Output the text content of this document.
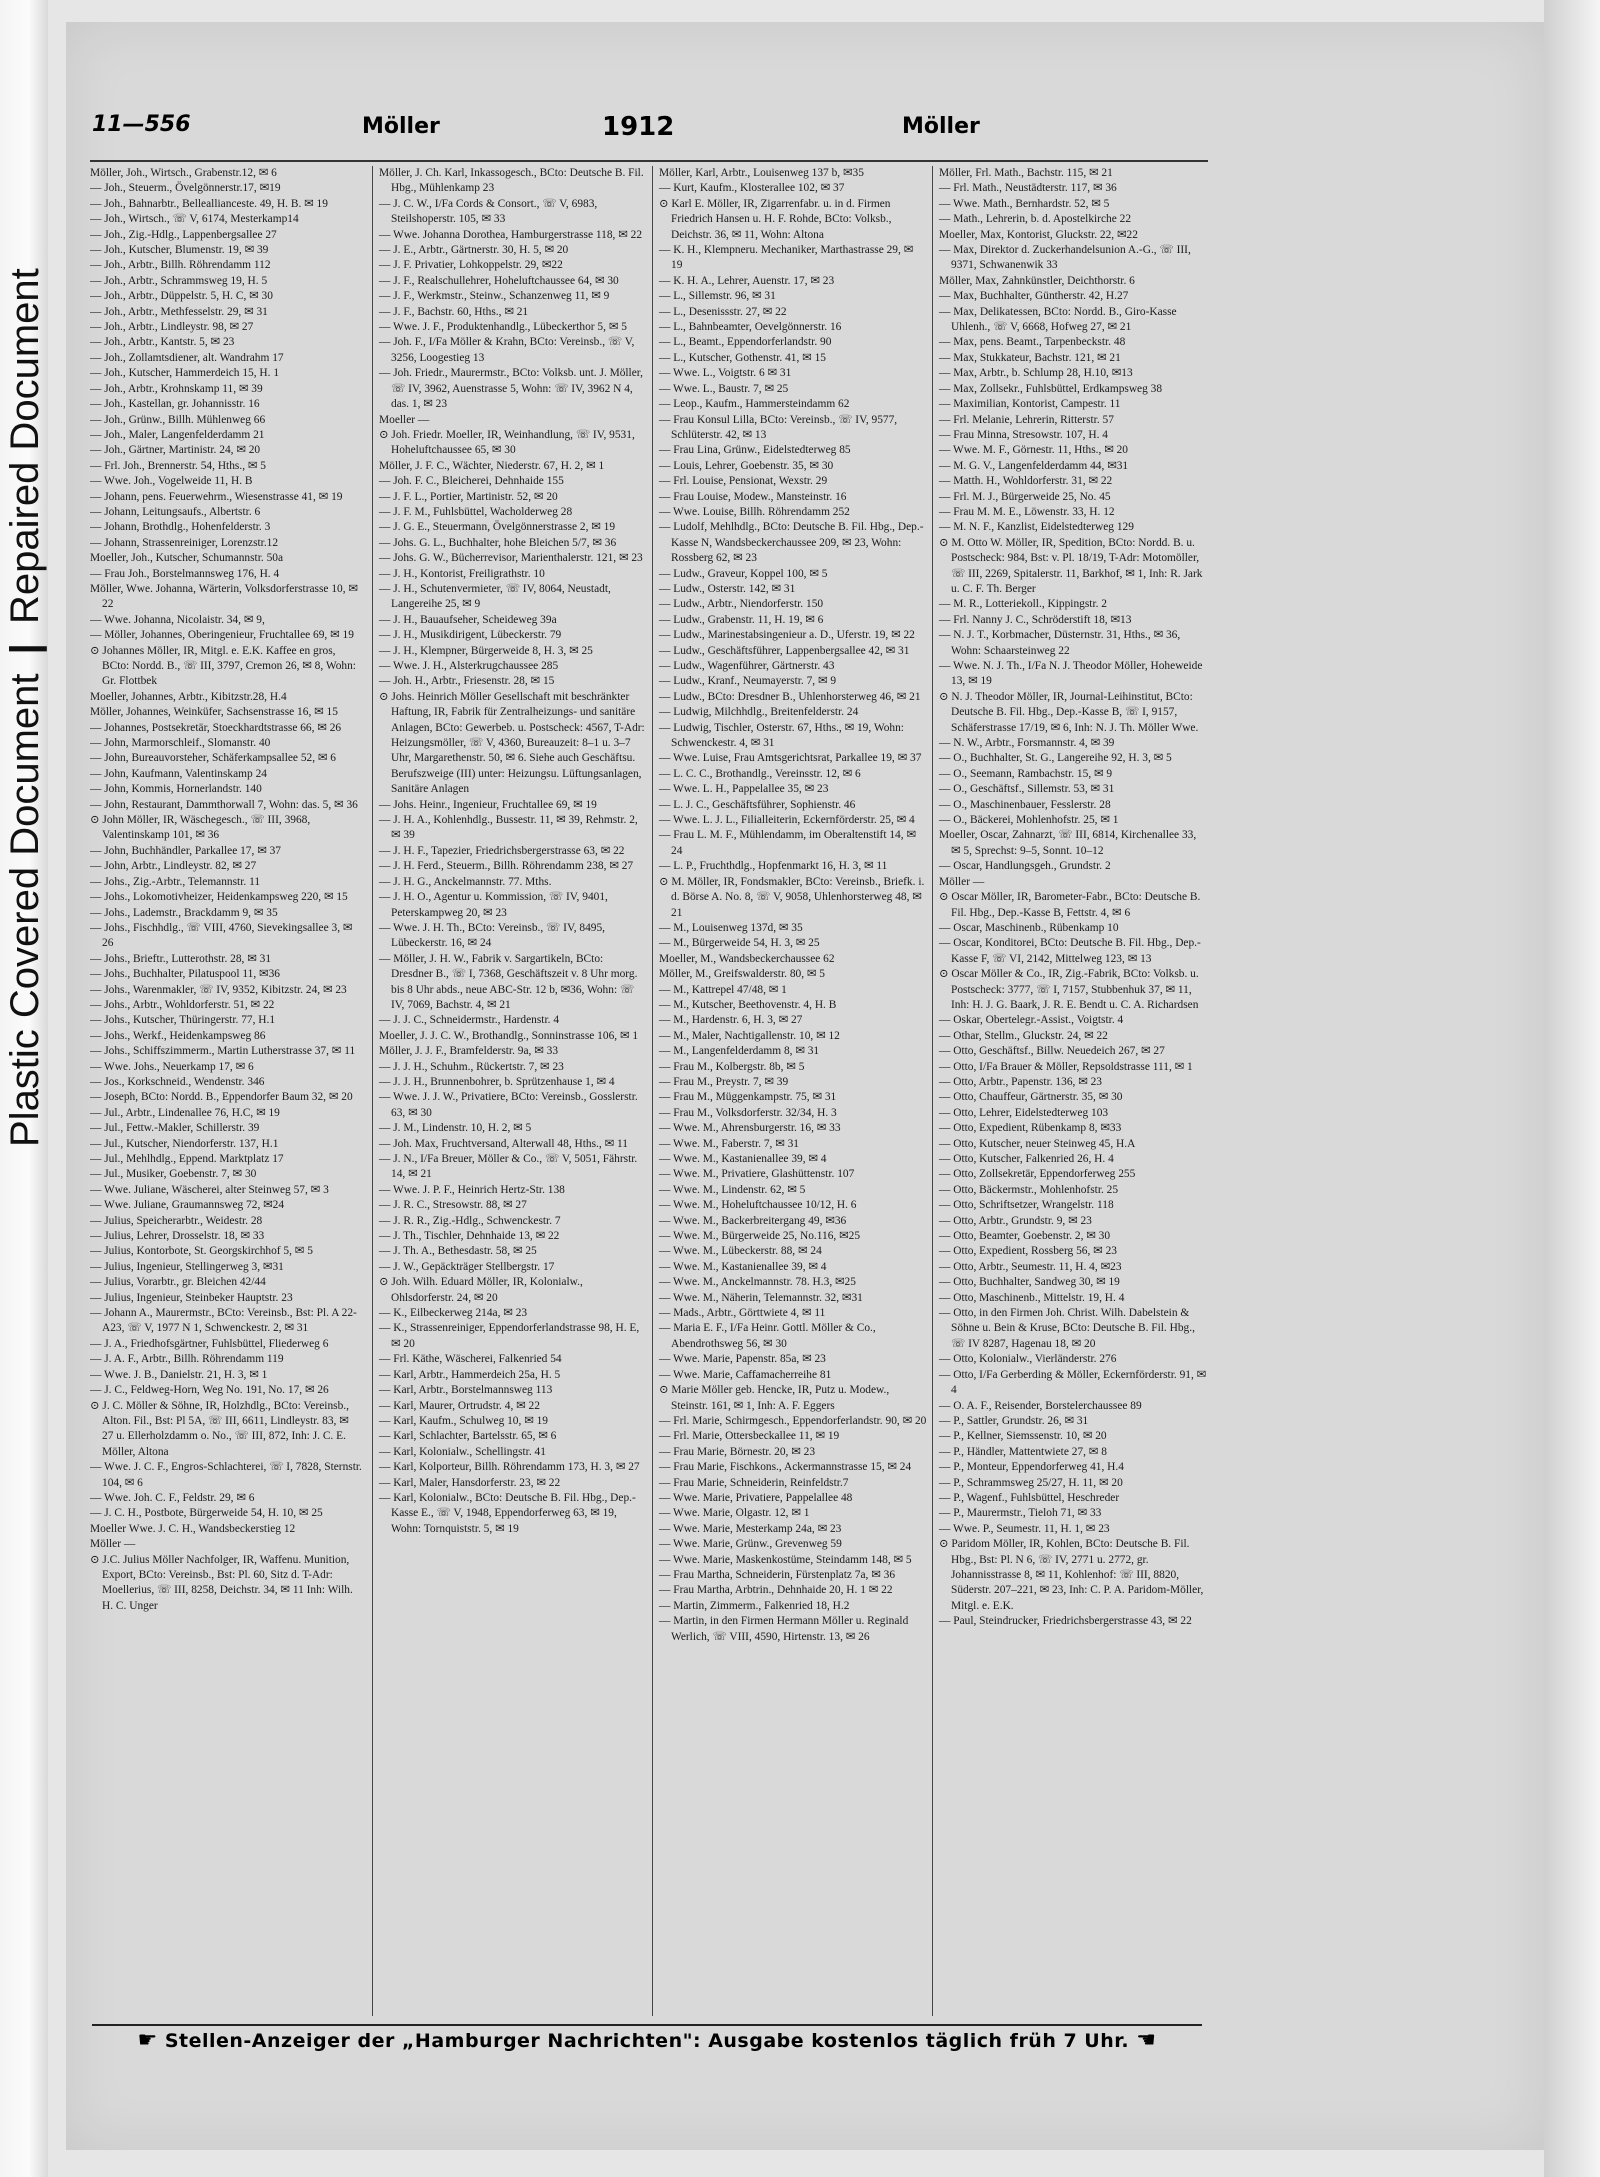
Plastic Covered Document | Repaired Document
11—556	Möller	1912	Möller
Möller, Joh., Wirtsch., Grabenstr.12, ✉ 6
— Joh., Steuerm., Övelgönnerstr.17, ✉19
— Joh., Bahnarbtr., Belleallianceste. 49, H. B. ✉ 19
— Joh., Wirtsch., ☏ V, 6174, Mesterkamp14
— Joh., Zig.-Hdlg., Lappenbergsallee 27
— Joh., Kutscher, Blumenstr. 19, ✉ 39
— Joh., Arbtr., Billh. Röhrendamm 112
— Joh., Arbtr., Schrammsweg 19, H. 5
— Joh., Arbtr., Düppelstr. 5, H. C, ✉ 30
— Joh., Arbtr., Methfesselstr. 29, ✉ 31
— Joh., Arbtr., Lindleystr. 98, ✉ 27
— Joh., Arbtr., Kantstr. 5, ✉ 23
— Joh., Zollamtsdiener, alt. Wandrahm 17
— Joh., Kutscher, Hammerdeich 15, H. 1
— Joh., Arbtr., Krohnskamp 11, ✉ 39
— Joh., Kastellan, gr. Johannisstr. 16
— Joh., Grünw., Billh. Mühlenweg 66
— Joh., Maler, Langenfelderdamm 21
— Joh., Gärtner, Martinistr. 24, ✉ 20
— Frl. Joh., Brennerstr. 54, Hths., ✉ 5
— Wwe. Joh., Vogelweide 11, H. B
— Johann, pens. Feuerwehrm., Wiesenstrasse 41, ✉ 19
— Johann, Leitungsaufs., Albertstr. 6
— Johann, Brothdlg., Hohenfelderstr. 3
— Johann, Strassenreiniger, Lorenzstr.12
Moeller, Joh., Kutscher, Schumannstr. 50a
— Frau Joh., Borstelmannsweg 176, H. 4
Möller, Wwe. Johanna, Wärterin, Volksdorferstrasse 10, ✉ 22
— Wwe. Johanna, Nicolaistr. 34, ✉ 9,
— Möller, Johannes, Oberingenieur, Fruchtallee 69, ✉ 19
⊙ Johannes Möller, IR, Mitgl. e. E.K. Kaffee en gros, BCto: Nordd. B., ☏ III, 3797, Cremon 26, ✉ 8, Wohn: Gr. Flottbek
Moeller, Johannes, Arbtr., Kibitzstr.28, H.4
Möller, Johannes, Weinküfer, Sachsenstrasse 16, ✉ 15
— Johannes, Postsekretär, Stoeckhardtstrasse 66, ✉ 26
— John, Marmorschleif., Slomanstr. 40
— John, Bureauvorsteher, Schäferkampsallee 52, ✉ 6
— John, Kaufmann, Valentinskamp 24
— John, Kommis, Hornerlandstr. 140
— John, Restaurant, Dammthorwall 7, Wohn: das. 5, ✉ 36
⊙ John Möller, IR, Wäschegesch., ☏ III, 3968, Valentinskamp 101, ✉ 36
— John, Buchhändler, Parkallee 17, ✉ 37
— John, Arbtr., Lindleystr. 82, ✉ 27
— Johs., Zig.-Arbtr., Telemannstr. 11
— Johs., Lokomotivheizer, Heidenkampsweg 220, ✉ 15
— Johs., Lademstr., Brackdamm 9, ✉ 35
— Johs., Fischhdlg., ☏ VIII, 4760, Sievekingsallee 3, ✉ 26
— Johs., Brieftr., Lutterothstr. 28, ✉ 31
— Johs., Buchhalter, Pilatuspool 11, ✉36
— Johs., Warenmakler, ☏ IV, 9352, Kibitzstr. 24, ✉ 23
— Johs., Arbtr., Wohldorferstr. 51, ✉ 22
— Johs., Kutscher, Thüringerstr. 77, H.1
— Johs., Werkf., Heidenkampsweg 86
— Johs., Schiffszimmerm., Martin Lutherstrasse 37, ✉ 11
— Wwe. Johs., Neuerkamp 17, ✉ 6
— Jos., Korkschneid., Wendenstr. 346
— Joseph, BCto: Nordd. B., Eppendorfer Baum 32, ✉ 20
— Jul., Arbtr., Lindenallee 76, H.C, ✉ 19
— Jul., Fettw.-Makler, Schillerstr. 39
— Jul., Kutscher, Niendorferstr. 137, H.1
— Jul., Mehlhdlg., Eppend. Marktplatz 17
— Jul., Musiker, Goebenstr. 7, ✉ 30
— Wwe. Juliane, Wäscherei, alter Steinweg 57, ✉ 3
— Wwe. Juliane, Graumannsweg 72, ✉24
— Julius, Speicherarbtr., Weidestr. 28
— Julius, Lehrer, Drosselstr. 18, ✉ 33
— Julius, Kontorbote, St. Georgskirchhof 5, ✉ 5
— Julius, Ingenieur, Stellingerweg 3, ✉31
— Julius, Vorarbtr., gr. Bleichen 42/44
— Julius, Ingenieur, Steinbeker Hauptstr. 23
— Johann A., Maurermstr., BCto: Vereinsb., Bst: Pl. A 22-A23, ☏ V, 1977 N 1, Schwenckestr. 2, ✉ 31
— J. A., Friedhofsgärtner, Fuhlsbüttel, Fliederweg 6
— J. A. F., Arbtr., Billh. Röhrendamm 119
— Wwe. J. B., Danielstr. 21, H. 3, ✉ 1
— J. C., Feldweg-Horn, Weg No. 191, No. 17, ✉ 26
⊙ J. C. Möller & Söhne, IR, Holzhdlg., BCto: Vereinsb., Alton. Fil., Bst: Pl 5A, ☏ III, 6611, Lindleystr. 83, ✉ 27 u. Ellerholzdamm o. No., ☏ III, 872, Inh: J. C. E. Möller, Altona
— Wwe. J. C. F., Engros-Schlachterei, ☏ I, 7828, Sternstr. 104, ✉ 6
— Wwe. Joh. C. F., Feldstr. 29, ✉ 6
— J. C. H., Postbote, Bürgerweide 54, H. 10, ✉ 25
Moeller Wwe. J. C. H., Wandsbeckerstieg 12
Möller —
⊙ J.C. Julius Möller Nachfolger, IR, Waffenu. Munition, Export, BCto: Vereinsb., Bst: Pl. 60, Sitz d. T-Adr: Moellerius, ☏ III, 8258, Deichstr. 34, ✉ 11 Inh: Wilh. H. C. Unger
Möller, J. Ch. Karl, Inkassogesch., BCto: Deutsche B. Fil. Hbg., Mühlenkamp 23
— J. C. W., I/Fa Cords & Consort., ☏ V, 6983, Steilshoperstr. 105, ✉ 33
— Wwe. Johanna Dorothea, Hamburgerstrasse 118, ✉ 22
— J. E., Arbtr., Gärtnerstr. 30, H. 5, ✉ 20
— J. F. Privatier, Lohkoppelstr. 29, ✉22
— J. F., Realschullehrer, Hoheluftchaussee 64, ✉ 30
— J. F., Werkmstr., Steinw., Schanzenweg 11, ✉ 9
— J. F., Bachstr. 60, Hths., ✉ 21
— Wwe. J. F., Produktenhandlg., Lübeckerthor 5, ✉ 5
— Joh. F., I/Fa Möller & Krahn, BCto: Vereinsb., ☏ V, 3256, Loogestieg 13
— Joh. Friedr., Maurermstr., BCto: Volksb. unt. J. Möller, ☏ IV, 3962, Auenstrasse 5, Wohn: ☏ IV, 3962 N 4, das. 1, ✉ 23
Moeller —
⊙ Joh. Friedr. Moeller, IR, Weinhandlung, ☏ IV, 9531, Hoheluftchaussee 65, ✉ 30
Möller, J. F. C., Wächter, Niederstr. 67, H. 2, ✉ 1
— Joh. F. C., Bleicherei, Dehnhaide 155
— J. F. L., Portier, Martinistr. 52, ✉ 20
— J. F. M., Fuhlsbüttel, Wacholderweg 28
— J. G. E., Steuermann, Övelgönnerstrasse 2, ✉ 19
— Johs. G. L., Buchhalter, hohe Bleichen 5/7, ✉ 36
— Johs. G. W., Bücherrevisor, Marienthalerstr. 121, ✉ 23
— J. H., Kontorist, Freiligrathstr. 10
— J. H., Schutenvermieter, ☏ IV, 8064, Neustadt, Langereihe 25, ✉ 9
— J. H., Bauaufseher, Scheideweg 39a
— J. H., Musikdirigent, Lübeckerstr. 79
— J. H., Klempner, Bürgerweide 8, H. 3, ✉ 25
— Wwe. J. H., Alsterkrugchaussee 285
— Joh. H., Arbtr., Friesenstr. 28, ✉ 15
⊙ Johs. Heinrich Möller Gesellschaft mit beschränkter Haftung, IR, Fabrik für Zentralheizungs- und sanitäre Anlagen, BCto: Gewerbeb. u. Postscheck: 4567, T-Adr: Heizungsmöller, ☏ V, 4360, Bureauzeit: 8–1 u. 3–7 Uhr, Margarethenstr. 50, ✉ 6. Siehe auch Geschäftsu. Berufszweige (III) unter: Heizungsu. Lüftungsanlagen, Sanitäre Anlagen
— Johs. Heinr., Ingenieur, Fruchtallee 69, ✉ 19
— J. H. A., Kohlenhdlg., Bussestr. 11, ✉ 39, Rehmstr. 2, ✉ 39
— J. H. F., Tapezier, Friedrichsbergerstrasse 63, ✉ 22
— J. H. Ferd., Steuerm., Billh. Röhrendamm 238, ✉ 27
— J. H. G., Anckelmannstr. 77. Mths.
— J. H. O., Agentur u. Kommission, ☏ IV, 9401, Peterskampweg 20, ✉ 23
— Wwe. J. H. Th., BCto: Vereinsb., ☏ IV, 8495, Lübeckerstr. 16, ✉ 24
— Möller, J. H. W., Fabrik v. Sargartikeln, BCto: Dresdner B., ☏ I, 7368, Geschäftszeit v. 8 Uhr morg. bis 8 Uhr abds., neue ABC-Str. 12 b, ✉36, Wohn: ☏ IV, 7069, Bachstr. 4, ✉ 21
— J. J. C., Schneidermstr., Hardenstr. 4
Moeller, J. J. C. W., Brothandlg., Sonninstrasse 106, ✉ 1
Möller, J. J. F., Bramfelderstr. 9a, ✉ 33
— J. J. H., Schuhm., Rückertstr. 7, ✉ 23
— J. J. H., Brunnenbohrer, b. Sprützenhause 1, ✉ 4
— Wwe. J. J. W., Privatiere, BCto: Vereinsb., Gosslerstr. 63, ✉ 30
— J. M., Lindenstr. 10, H. 2, ✉ 5
— Joh. Max, Fruchtversand, Alterwall 48, Hths., ✉ 11
— J. N., I/Fa Breuer, Möller & Co., ☏ V, 5051, Fährstr. 14, ✉ 21
— Wwe. J. P. F., Heinrich Hertz-Str. 138
— J. R. C., Stresowstr. 88, ✉ 27
— J. R. R., Zig.-Hdlg., Schwenckestr. 7
— J. Th., Tischler, Dehnhaide 13, ✉ 22
— J. Th. A., Bethesdastr. 58, ✉ 25
— J. W., Gepäckträger Stellbergstr. 17
⊙ Joh. Wilh. Eduard Möller, IR, Kolonialw., Ohlsdorferstr. 24, ✉ 20
— K., Eilbeckerweg 214a, ✉ 23
— K., Strassenreiniger, Eppendorferlandstrasse 98, H. E, ✉ 20
— Frl. Käthe, Wäscherei, Falkenried 54
— Karl, Arbtr., Hammerdeich 25a, H. 5
— Karl, Arbtr., Borstelmannsweg 113
— Karl, Maurer, Ortrudstr. 4, ✉ 22
— Karl, Kaufm., Schulweg 10, ✉ 19
— Karl, Schlachter, Bartelsstr. 65, ✉ 6
— Karl, Kolonialw., Schellingstr. 41
— Karl, Kolporteur, Billh. Röhrendamm 173, H. 3, ✉ 27
— Karl, Maler, Hansdorferstr. 23, ✉ 22
— Karl, Kolonialw., BCto: Deutsche B. Fil. Hbg., Dep.-Kasse E., ☏ V, 1948, Eppendorferweg 63, ✉ 19, Wohn: Tornquiststr. 5, ✉ 19
Möller, Karl, Arbtr., Louisenweg 137 b, ✉35
— Kurt, Kaufm., Klosterallee 102, ✉ 37
⊙ Karl E. Möller, IR, Zigarrenfabr. u. in d. Firmen Friedrich Hansen u. H. F. Rohde, BCto: Volksb., Deichstr. 36, ✉ 11, Wohn: Altona
— K. H., Klempneru. Mechaniker, Marthastrasse 29, ✉ 19
— K. H. A., Lehrer, Auenstr. 17, ✉ 23
— L., Sillemstr. 96, ✉ 31
— L., Desenissstr. 27, ✉ 22
— L., Bahnbeamter, Oevelgönnerstr. 16
— L., Beamt., Eppendorferlandstr. 90
— L., Kutscher, Gothenstr. 41, ✉ 15
— Wwe. L., Voigtstr. 6 ✉ 31
— Wwe. L., Baustr. 7, ✉ 25
— Leop., Kaufm., Hammersteindamm 62
— Frau Konsul Lilla, BCto: Vereinsb., ☏ IV, 9577, Schlüterstr. 42, ✉ 13
— Frau Lina, Grünw., Eidelstedterweg 85
— Louis, Lehrer, Goebenstr. 35, ✉ 30
— Frl. Louise, Pensionat, Wexstr. 29
— Frau Louise, Modew., Mansteinstr. 16
— Wwe. Louise, Billh. Röhrendamm 252
— Ludolf, Mehlhdlg., BCto: Deutsche B. Fil. Hbg., Dep.-Kasse N, Wandsbeckerchaussee 209, ✉ 23, Wohn: Rossberg 62, ✉ 23
— Ludw., Graveur, Koppel 100, ✉ 5
— Ludw., Osterstr. 142, ✉ 31
— Ludw., Arbtr., Niendorferstr. 150
— Ludw., Grabenstr. 11, H. 19, ✉ 6
— Ludw., Marinestabsingenieur a. D., Uferstr. 19, ✉ 22
— Ludw., Geschäftsführer, Lappenbergsallee 42, ✉ 31
— Ludw., Wagenführer, Gärtnerstr. 43
— Ludw., Kranf., Neumayerstr. 7, ✉ 9
— Ludw., BCto: Dresdner B., Uhlenhorsterweg 46, ✉ 21
— Ludwig, Milchhdlg., Breitenfelderstr. 24
— Ludwig, Tischler, Osterstr. 67, Hths., ✉ 19, Wohn: Schwenckestr. 4, ✉ 31
— Wwe. Luise, Frau Amtsgerichtsrat, Parkallee 19, ✉ 37
— L. C. C., Brothandlg., Vereinsstr. 12, ✉ 6
— Wwe. L. H., Pappelallee 35, ✉ 23
— L. J. C., Geschäftsführer, Sophienstr. 46
— Wwe. L. J. L., Filialleiterin, Eckernförderstr. 25, ✉ 4
— Frau L. M. F., Mühlendamm, im Oberaltenstift 14, ✉ 24
— L. P., Fruchthdlg., Hopfenmarkt 16, H. 3, ✉ 11
⊙ M. Möller, IR, Fondsmakler, BCto: Vereinsb., Briefk. i. d. Börse A. No. 8, ☏ V, 9058, Uhlenhorsterweg 48, ✉ 21
— M., Louisenweg 137d, ✉ 35
— M., Bürgerweide 54, H. 3, ✉ 25
Moeller, M., Wandsbeckerchaussee 62
Möller, M., Greifswalderstr. 80, ✉ 5
— M., Kattrepel 47/48, ✉ 1
— M., Kutscher, Beethovenstr. 4, H. B
— M., Hardenstr. 6, H. 3, ✉ 27
— M., Maler, Nachtigallenstr. 10, ✉ 12
— M., Langenfelderdamm 8, ✉ 31
— Frau M., Kolbergstr. 8b, ✉ 5
— Frau M., Preystr. 7, ✉ 39
— Frau M., Müggenkampstr. 75, ✉ 31
— Frau M., Volksdorferstr. 32/34, H. 3
— Wwe. M., Ahrensburgerstr. 16, ✉ 33
— Wwe. M., Faberstr. 7, ✉ 31
— Wwe. M., Kastanienallee 39, ✉ 4
— Wwe. M., Privatiere, Glashüttenstr. 107
— Wwe. M., Lindenstr. 62, ✉ 5
— Wwe. M., Hoheluftchaussee 10/12, H. 6
— Wwe. M., Backerbreitergang 49, ✉36
— Wwe. M., Bürgerweide 25, No.116, ✉25
— Wwe. M., Lübeckerstr. 88, ✉ 24
— Wwe. M., Kastanienallee 39, ✉ 4
— Wwe. M., Anckelmannstr. 78. H.3, ✉25
— Wwe. M., Näherin, Telemannstr. 32, ✉31
— Mads., Arbtr., Görttwiete 4, ✉ 11
— Maria E. F., I/Fa Heinr. Gottl. Möller & Co., Abendrothsweg 56, ✉ 30
— Wwe. Marie, Papenstr. 85a, ✉ 23
— Wwe. Marie, Caffamacherreihe 81
⊙ Marie Möller geb. Hencke, IR, Putz u. Modew., Steinstr. 161, ✉ 1, Inh: A. F. Eggers
— Frl. Marie, Schirmgesch., Eppendorferlandstr. 90, ✉ 20
— Frl. Marie, Ottersbeckallee 11, ✉ 19
— Frau Marie, Börnestr. 20, ✉ 23
— Frau Marie, Fischkons., Ackermannstrasse 15, ✉ 24
— Frau Marie, Schneiderin, Reinfeldstr.7
— Wwe. Marie, Privatiere, Pappelallee 48
— Wwe. Marie, Olgastr. 12, ✉ 1
— Wwe. Marie, Mesterkamp 24a, ✉ 23
— Wwe. Marie, Grünw., Grevenweg 59
— Wwe. Marie, Maskenkostüme, Steindamm 148, ✉ 5
— Frau Martha, Schneiderin, Fürstenplatz 7a, ✉ 36
— Frau Martha, Arbtrin., Dehnhaide 20, H. 1 ✉ 22
— Martin, Zimmerm., Falkenried 18, H.2
— Martin, in den Firmen Hermann Möller u. Reginald Werlich, ☏ VIII, 4590, Hirtenstr. 13, ✉ 26
Möller, Frl. Math., Bachstr. 115, ✉ 21
— Frl. Math., Neustädterstr. 117, ✉ 36
— Wwe. Math., Bernhardstr. 52, ✉ 5
— Math., Lehrerin, b. d. Apostelkirche 22
Moeller, Max, Kontorist, Gluckstr. 22, ✉22
— Max, Direktor d. Zuckerhandelsunion A.-G., ☏ III, 9371, Schwanenwik 33
Möller, Max, Zahnkünstler, Deichthorstr. 6
— Max, Buchhalter, Güntherstr. 42, H.27
— Max, Delikatessen, BCto: Nordd. B., Giro-Kasse Uhlenh., ☏ V, 6668, Hofweg 27, ✉ 21
— Max, pens. Beamt., Tarpenbeckstr. 48
— Max, Stukkateur, Bachstr. 121, ✉ 21
— Max, Arbtr., b. Schlump 28, H.10, ✉13
— Max, Zollsekr., Fuhlsbüttel, Erdkampsweg 38
— Maximilian, Kontorist, Campestr. 11
— Frl. Melanie, Lehrerin, Ritterstr. 57
— Frau Minna, Stresowstr. 107, H. 4
— Wwe. M. F., Görnestr. 11, Hths., ✉ 20
— M. G. V., Langenfelderdamm 44, ✉31
— Matth. H., Wohldorferstr. 31, ✉ 22
— Frl. M. J., Bürgerweide 25, No. 45
— Frau M. M. E., Löwenstr. 33, H. 12
— M. N. F., Kanzlist, Eidelstedterweg 129
⊙ M. Otto W. Möller, IR, Spedition, BCto: Nordd. B. u. Postscheck: 984, Bst: v. Pl. 18/19, T-Adr: Motomöller, ☏ III, 2269, Spitalerstr. 11, Barkhof, ✉ 1, Inh: R. Jark u. C. F. Th. Berger
— M. R., Lotteriekoll., Kippingstr. 2
— Frl. Nanny J. C., Schröderstift 18, ✉13
— N. J. T., Korbmacher, Düsternstr. 31, Hths., ✉ 36, Wohn: Schaarsteinweg 22
— Wwe. N. J. Th., I/Fa N. J. Theodor Möller, Hoheweide 13, ✉ 19
⊙ N. J. Theodor Möller, IR, Journal-Leihinstitut, BCto: Deutsche B. Fil. Hbg., Dep.-Kasse B, ☏ I, 9157, Schäferstrasse 17/19, ✉ 6, Inh: N. J. Th. Möller Wwe.
— N. W., Arbtr., Forsmannstr. 4, ✉ 39
— O., Buchhalter, St. G., Langereihe 92, H. 3, ✉ 5
— O., Seemann, Rambachstr. 15, ✉ 9
— O., Geschäftsf., Sillemstr. 53, ✉ 31
— O., Maschinenbauer, Fesslerstr. 28
— O., Bäckerei, Mohlenhofstr. 25, ✉ 1
Moeller, Oscar, Zahnarzt, ☏ III, 6814, Kirchenallee 33, ✉ 5, Sprechst: 9–5, Sonnt. 10–12
— Oscar, Handlungsgeh., Grundstr. 2
Möller —
⊙ Oscar Möller, IR, Barometer-Fabr., BCto: Deutsche B. Fil. Hbg., Dep.-Kasse B, Fettstr. 4, ✉ 6
— Oscar, Maschinenb., Rübenkamp 10
— Oscar, Konditorei, BCto: Deutsche B. Fil. Hbg., Dep.-Kasse F, ☏ VI, 2142, Mittelweg 123, ✉ 13
⊙ Oscar Möller & Co., IR, Zig.-Fabrik, BCto: Volksb. u. Postscheck: 3777, ☏ I, 7157, Stubbenhuk 37, ✉ 11, Inh: H. J. G. Baark, J. R. E. Bendt u. C. A. Richardsen
— Oskar, Obertelegr.-Assist., Voigtstr. 4
— Othar, Stellm., Gluckstr. 24, ✉ 22
— Otto, Geschäftsf., Billw. Neuedeich 267, ✉ 27
— Otto, I/Fa Brauer & Möller, Repsoldstrasse 111, ✉ 1
— Otto, Arbtr., Papenstr. 136, ✉ 23
— Otto, Chauffeur, Gärtnerstr. 35, ✉ 30
— Otto, Lehrer, Eidelstedterweg 103
— Otto, Expedient, Rübenkamp 8, ✉33
— Otto, Kutscher, neuer Steinweg 45, H.A
— Otto, Kutscher, Falkenried 26, H. 4
— Otto, Zollsekretär, Eppendorferweg 255
— Otto, Bäckermstr., Mohlenhofstr. 25
— Otto, Schriftsetzer, Wrangelstr. 118
— Otto, Arbtr., Grundstr. 9, ✉ 23
— Otto, Beamter, Goebenstr. 2, ✉ 30
— Otto, Expedient, Rossberg 56, ✉ 23
— Otto, Arbtr., Seumestr. 11, H. 4, ✉23
— Otto, Buchhalter, Sandweg 30, ✉ 19
— Otto, Maschinenb., Mittelstr. 19, H. 4
— Otto, in den Firmen Joh. Christ. Wilh. Dabelstein & Söhne u. Bein & Kruse, BCto: Deutsche B. Fil. Hbg., ☏ IV 8287, Hagenau 18, ✉ 20
— Otto, Kolonialw., Vierländerstr. 276
— Otto, I/Fa Gerberding & Möller, Eckernförderstr. 91, ✉ 4
— O. A. F., Reisender, Borstelerchaussee 89
— P., Sattler, Grundstr. 26, ✉ 31
— P., Kellner, Siemssenstr. 10, ✉ 20
— P., Händler, Mattentwiete 27, ✉ 8
— P., Monteur, Eppendorferweg 41, H.4
— P., Schrammsweg 25/27, H. 11, ✉ 20
— P., Wagenf., Fuhlsbüttel, Heschreder
— P., Maurermstr., Tieloh 71, ✉ 33
— Wwe. P., Seumestr. 11, H. 1, ✉ 23
⊙ Paridom Möller, IR, Kohlen, BCto: Deutsche B. Fil. Hbg., Bst: Pl. N 6, ☏ IV, 2771 u. 2772, gr. Johannisstrasse 8, ✉ 11, Kohlenhof: ☏ III, 8820, Süderstr. 207–221, ✉ 23, Inh: C. P. A. Paridom-Möller, Mitgl. e. E.K.
— Paul, Steindrucker, Friedrichsbergerstrasse 43, ✉ 22
☛ Stellen-Anzeiger der „Hamburger Nachrichten": Ausgabe kostenlos täglich früh 7 Uhr. ☚
